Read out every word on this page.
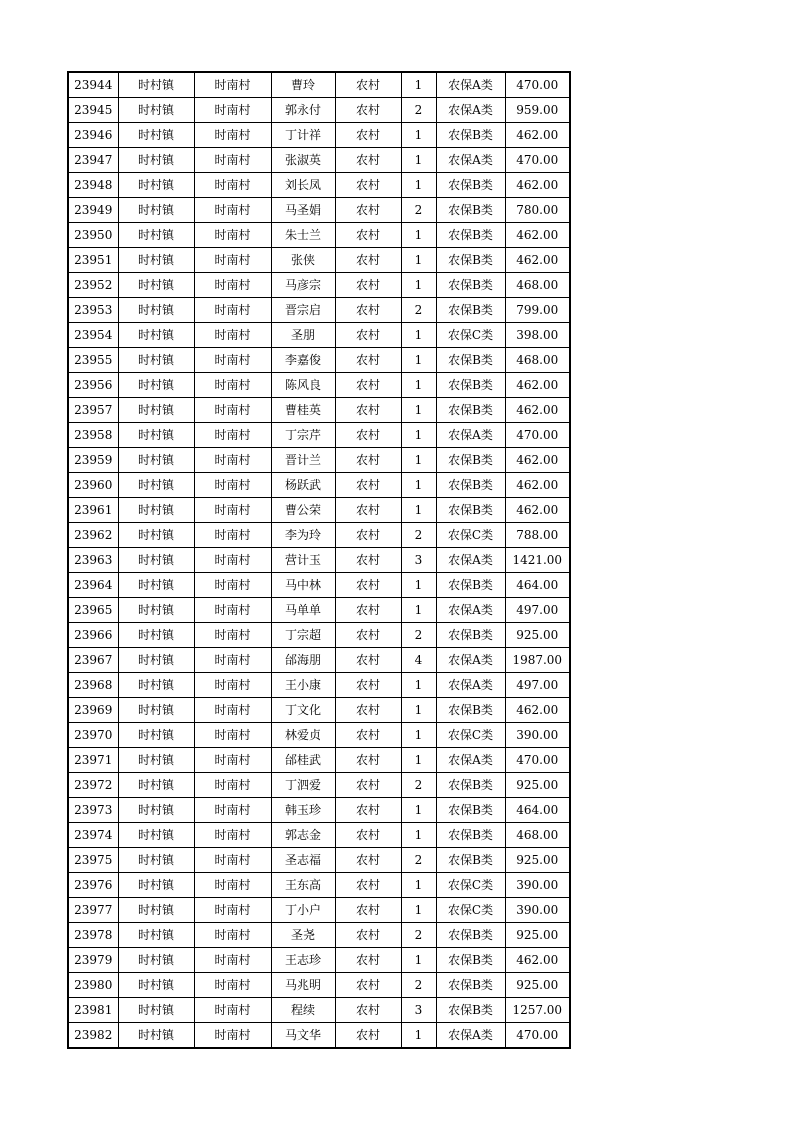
23944	时村镇	时南村	曹玲	农村	1	农保A类	470.00
23945	时村镇	时南村	郭永付	农村	2	农保A类	959.00
23946	时村镇	时南村	丁计祥	农村	1	农保B类	462.00
23947	时村镇	时南村	张淑英	农村	1	农保A类	470.00
23948	时村镇	时南村	刘长凤	农村	1	农保B类	462.00
23949	时村镇	时南村	马圣娟	农村	2	农保B类	780.00
23950	时村镇	时南村	朱士兰	农村	1	农保B类	462.00
23951	时村镇	时南村	张侠	农村	1	农保B类	462.00
23952	时村镇	时南村	马彦宗	农村	1	农保B类	468.00
23953	时村镇	时南村	晋宗启	农村	2	农保B类	799.00
23954	时村镇	时南村	圣朋	农村	1	农保C类	398.00
23955	时村镇	时南村	李嘉俊	农村	1	农保B类	468.00
23956	时村镇	时南村	陈风良	农村	1	农保B类	462.00
23957	时村镇	时南村	曹桂英	农村	1	农保B类	462.00
23958	时村镇	时南村	丁宗芹	农村	1	农保A类	470.00
23959	时村镇	时南村	晋计兰	农村	1	农保B类	462.00
23960	时村镇	时南村	杨跃武	农村	1	农保B类	462.00
23961	时村镇	时南村	曹公荣	农村	1	农保B类	462.00
23962	时村镇	时南村	李为玲	农村	2	农保C类	788.00
23963	时村镇	时南村	营计玉	农村	3	农保A类	1421.00
23964	时村镇	时南村	马中林	农村	1	农保B类	464.00
23965	时村镇	时南村	马单单	农村	1	农保A类	497.00
23966	时村镇	时南村	丁宗超	农村	2	农保B类	925.00
23967	时村镇	时南村	邰海朋	农村	4	农保A类	1987.00
23968	时村镇	时南村	王小康	农村	1	农保A类	497.00
23969	时村镇	时南村	丁文化	农村	1	农保B类	462.00
23970	时村镇	时南村	林爱贞	农村	1	农保C类	390.00
23971	时村镇	时南村	邰桂武	农村	1	农保A类	470.00
23972	时村镇	时南村	丁泗爱	农村	2	农保B类	925.00
23973	时村镇	时南村	韩玉珍	农村	1	农保B类	464.00
23974	时村镇	时南村	郭志金	农村	1	农保B类	468.00
23975	时村镇	时南村	圣志福	农村	2	农保B类	925.00
23976	时村镇	时南村	王东高	农村	1	农保C类	390.00
23977	时村镇	时南村	丁小户	农村	1	农保C类	390.00
23978	时村镇	时南村	圣尧	农村	2	农保B类	925.00
23979	时村镇	时南村	王志珍	农村	1	农保B类	462.00
23980	时村镇	时南村	马兆明	农村	2	农保B类	925.00
23981	时村镇	时南村	程续	农村	3	农保B类	1257.00
23982	时村镇	时南村	马文华	农村	1	农保A类	470.00
